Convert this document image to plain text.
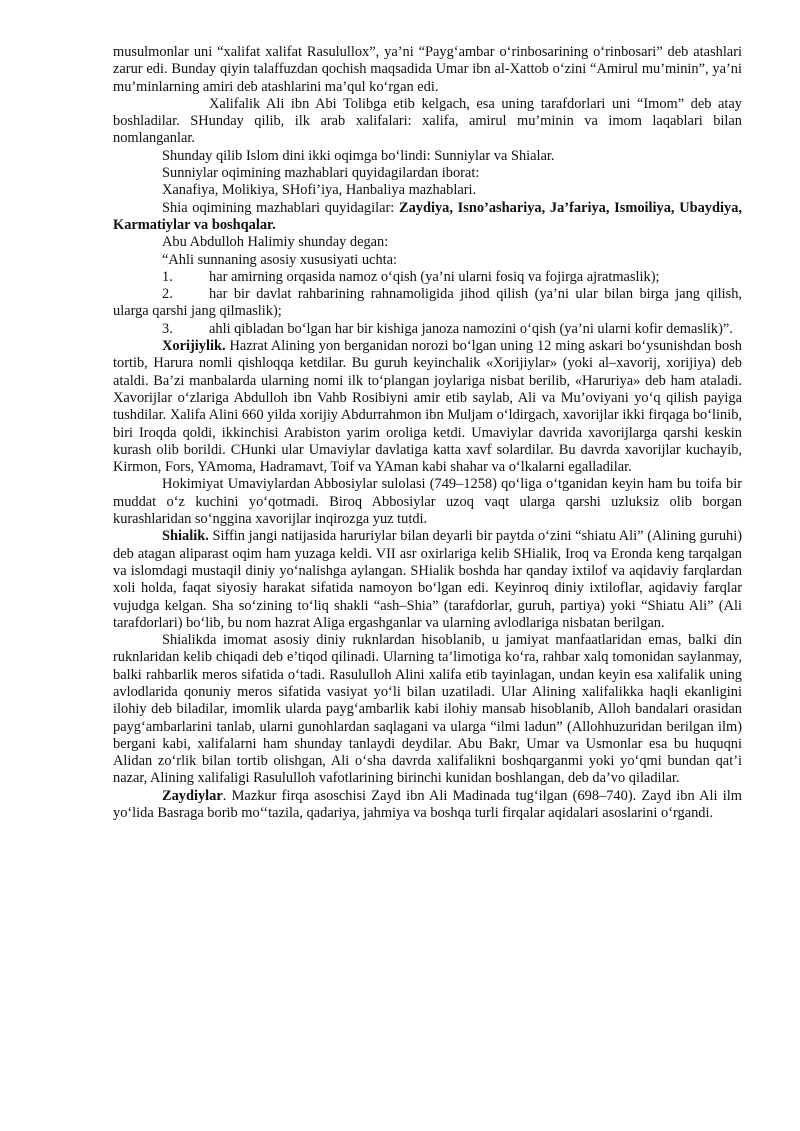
musulmonlar uni “xalifat xalifat Rasulullox”, ya’ni “Payg‘ambar o‘rinbosarining o‘rinbosari” deb atashlari zarur edi. Bunday qiyin talaffuzdan qochish maqsadida Umar ibn al-Xattob o‘zini “Amirul mu’minin”, ya’ni mu’minlarning amiri deb atashlarini ma’qul ko‘rgan edi.

Xalifalik Ali ibn Abi Tolibga etib kelgach, esa uning tarafdorlari uni “Imom” deb atay boshladilar. SHunday qilib, ilk arab xalifalari: xalifa, amirul mu’minin va imom laqablari bilan nomlanganlar.

Shunday qilib Islom dini ikki oqimga bo‘lindi: Sunniylar va Shialar.

Sunniylar oqimining mazhablari quyidagilardan iborat:

Xanafiya, Molikiya, SHofi’iya, Hanbaliya mazhablari.

Shia oqimining mazhablari quyidagilar: Zaydiya, Isno’ashariya, Ja’fariya, Ismoiliya, Ubaydiya, Karmatiylar va boshqalar.

Abu Abdulloh Halimiy shunday degan:

“Ahli sunnaning asosiy xususiyati uchta:

1.	har amirning orqasida namoz o‘qish (ya’ni ularni fosiq va fojirga ajratmaslik);

2.	har bir davlat rahbarining rahnamoligida jihod qilish (ya’ni ular bilan birga jang qilish, ularga qarshi jang qilmaslik);

3.	ahli qibladan bo‘lgan har bir kishiga janoza namozini o‘qish (ya’ni ularni kofir demaslik)”.

Xorijiylik. Hazrat Alining yon berganidan norozi bo‘lgan uning 12 ming askari bo‘ysunishdan bosh tortib, Harura nomli qishloqqa ketdilar. Bu guruh keyinchalik «Xorijiylar» (yoki al–xavorij, xorijiya) deb ataldi. Ba’zi manbalarda ularning nomi ilk to‘plangan joylariga nisbat berilib, «Haruriya» deb ham ataladi. Xavorijlar o‘zlariga Abdulloh ibn Vahb Rosibiyni amir etib saylab, Ali va Mu’oviyani yo‘q qilish payiga tushdilar. Xalifa Alini 660 yilda xorijiy Abdurrahmon ibn Muljam o‘ldirgach, xavorijlar ikki firqaga bo‘linib, biri Iroqda qoldi, ikkinchisi Arabiston yarim oroliga ketdi. Umaviylar davrida xavorijlarga qarshi keskin kurash olib borildi. CHunki ular Umaviylar davlatiga katta xavf solardilar. Bu davrda xavorijlar kuchayib, Kirmon, Fors, YAmoma, Hadramavt, Toif va YAman kabi shahar va o‘lkalarni egalladilar.

Hokimiyat Umaviylardan Abbosiylar sulolasi (749–1258) qo‘liga o‘tganidan keyin ham bu toifa bir muddat o‘z kuchini yo‘qotmadi. Biroq Abbosiylar uzoq vaqt ularga qarshi uzluksiz olib borgan kurashlaridan so‘nggina xavorijlar inqirozga yuz tutdi.

Shialik. Siffin jangi natijasida haruriylar bilan deyarli bir paytda o‘zini “shiatu Ali” (Alining guruhi) deb atagan aliparast oqim ham yuzaga keldi. VII asr oxirlariga kelib SHialik, Iroq va Eronda keng tarqalgan va islomdagi mustaqil diniy yo‘nalishga aylangan. SHialik boshda har qanday ixtilof va aqidaviy farqlardan xoli holda, faqat siyosiy harakat sifatida namoyon bo‘lgan edi. Keyinroq diniy ixtiloflar, aqidaviy farqlar vujudga kelgan. Sha so‘zining to‘liq shakli “ash–Shia” (tarafdorlar, guruh, partiya) yoki “Shiatu Ali” (Ali tarafdorlari) bo‘lib, bu nom hazrat Aliga ergashganlar va ularning avlodlariga nisbatan berilgan.

Shialikda imomat asosiy diniy ruknlardan hisoblanib, u jamiyat manfaatlaridan emas, balki din ruknlaridan kelib chiqadi deb e’tiqod qilinadi. Ularning ta’limotiga ko‘ra, rahbar xalq tomonidan saylanmay, balki rahbarlik meros sifatida o‘tadi. Rasululloh Alini xalifa etib tayinlagan, undan keyin esa xalifalik uning avlodlarida qonuniy meros sifatida vasiyat yo‘li bilan uzatiladi. Ular Alining xalifalikka haqli ekanligini ilohiy deb biladilar, imomlik ularda payg‘ambarlik kabi ilohiy mansab hisoblanib, Alloh bandalari orasidan payg‘ambarlarini tanlab, ularni gunohlardan saqlagani va ularga “ilmi ladun” (Allohhuzuridan berilgan ilm) bergani kabi, xalifalarni ham shunday tanlaydi deydilar. Abu Bakr, Umar va Usmonlar esa bu huquqni Alidan zo‘rlik bilan tortib olishgan, Ali o‘sha davrda xalifalikni boshqarganmi yoki yo‘qmi bundan qat’i nazar, Alining xalifaligi Rasululloh vafotlarining birinchi kunidan boshlangan, deb da’vo qiladilar.

Zaydiylar. Mazkur firqa asoschisi Zayd ibn Ali Madinada tug‘ilgan (698–740). Zayd ibn Ali ilm yo‘lida Basraga borib mo‘‘tazila, qadariya, jahmiya va boshqa turli firqalar aqidalari asoslarini o‘rgandi.
